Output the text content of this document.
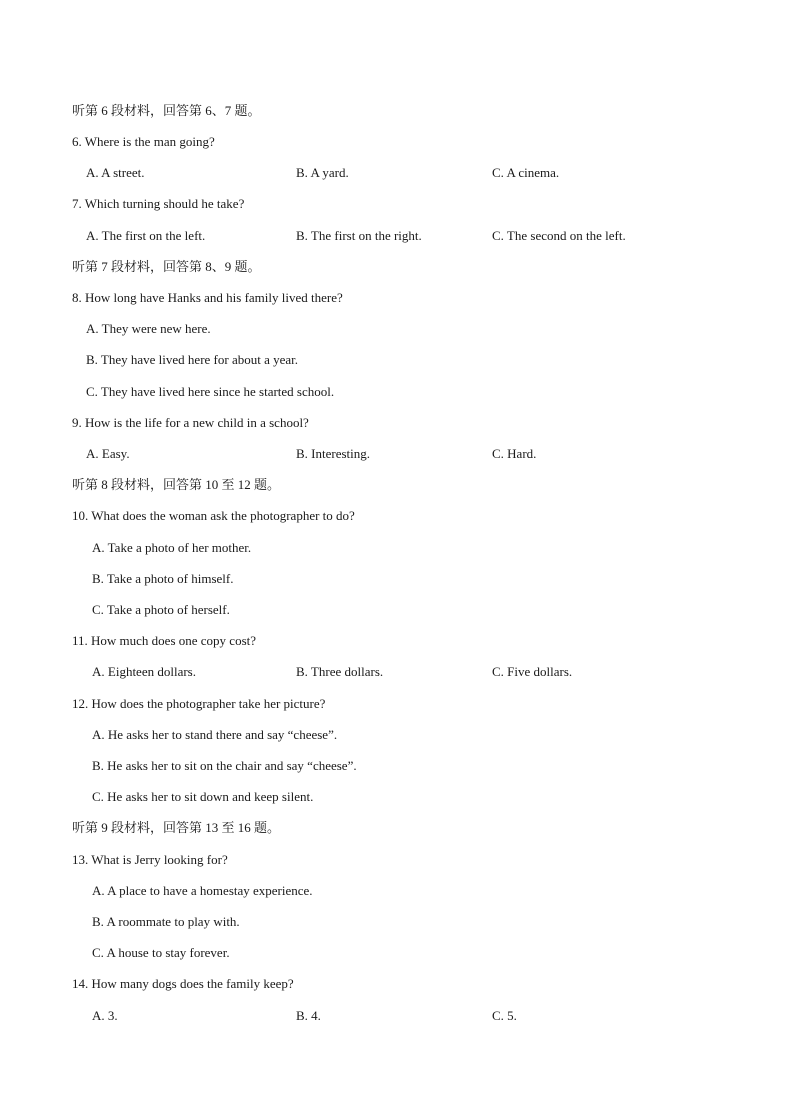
听第 6 段材料，回答第 6、7 题。
6. Where is the man going?
A. A street.	B. A yard.	C. A cinema.
7. Which turning should he take?
A. The first on the left.	B. The first on the right.	C. The second on the left.
听第 7 段材料，回答第 8、9 题。
8. How long have Hanks and his family lived there?
A. They were new here.
B. They have lived here for about a year.
C. They have lived here since he started school.
9. How is the life for a new child in a school?
A. Easy.	B. Interesting.	C. Hard.
听第 8 段材料，回答第 10 至 12 题。
10. What does the woman ask the photographer to do?
A. Take a photo of her mother.
B. Take a photo of himself.
C. Take a photo of herself.
11. How much does one copy cost?
A. Eighteen dollars.	B. Three dollars.	C. Five dollars.
12. How does the photographer take her picture?
A. He asks her to stand there and say “cheese”.
B. He asks her to sit on the chair and say “cheese”.
C. He asks her to sit down and keep silent.
听第 9 段材料，回答第 13 至 16 题。
13. What is Jerry looking for?
A. A place to have a homestay experience.
B. A roommate to play with.
C. A house to stay forever.
14. How many dogs does the family keep?
A. 3.	B. 4.	C. 5.
